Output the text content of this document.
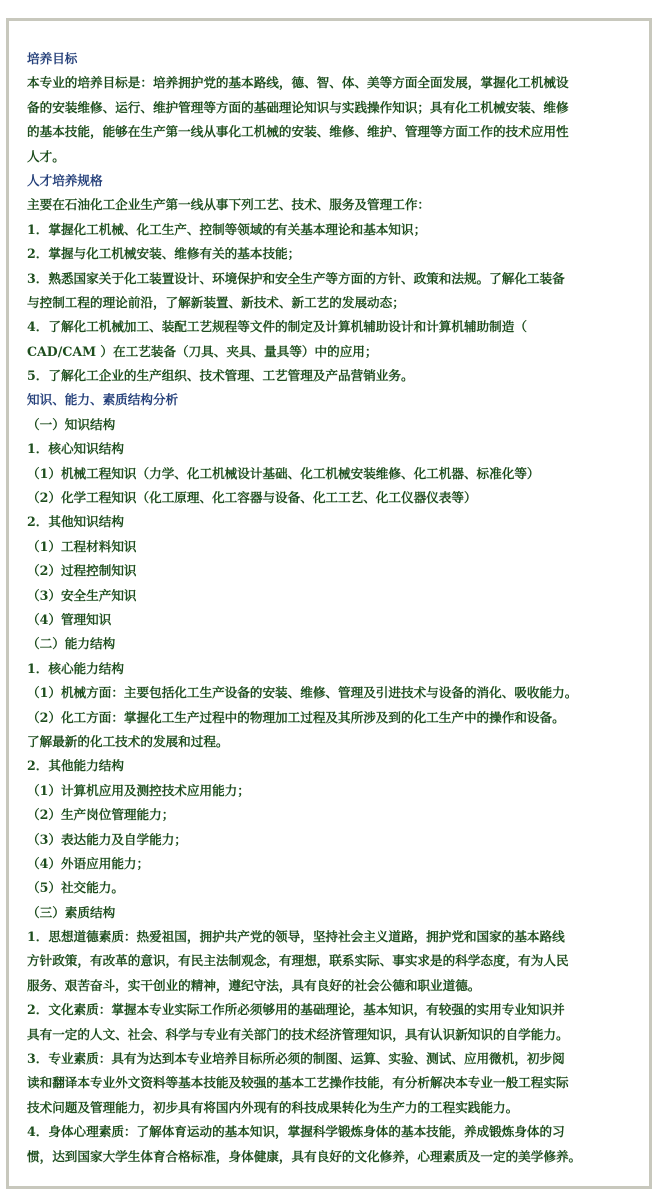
培养目标
本专业的培养目标是：培养拥护党的基本路线，德、智、体、美等方面全面发展，掌握化工机械设
备的安装维修、运行、维护管理等方面的基础理论知识与实践操作知识；具有化工机械安装、维修
的基本技能，能够在生产第一线从事化工机械的安装、维修、维护、管理等方面工作的技术应用性
人才。
人才培养规格
主要在石油化工企业生产第一线从事下列工艺、技术、服务及管理工作：
1．掌握化工机械、化工生产、控制等领域的有关基本理论和基本知识；
2．掌握与化工机械安装、维修有关的基本技能；
3．熟悉国家关于化工装置设计、环境保护和安全生产等方面的方针、政策和法规。了解化工装备
与控制工程的理论前沿，了解新装置、新技术、新工艺的发展动态；
4．了解化工机械加工、装配工艺规程等文件的制定及计算机辅助设计和计算机辅助制造（
CAD/CAM ）在工艺装备（刀具、夹具、量具等）中的应用；
5．了解化工企业的生产组织、技术管理、工艺管理及产品营销业务。
知识、能力、素质结构分析
（一）知识结构
1．核心知识结构
（1）机械工程知识（力学、化工机械设计基础、化工机械安装维修、化工机器、标准化等）
（2）化学工程知识（化工原理、化工容器与设备、化工工艺、化工仪器仪表等）
2．其他知识结构
（1）工程材料知识
（2）过程控制知识
（3）安全生产知识
（4）管理知识
（二）能力结构
1．核心能力结构
（1）机械方面：主要包括化工生产设备的安装、维修、管理及引进技术与设备的消化、吸收能力。
（2）化工方面：掌握化工生产过程中的物理加工过程及其所涉及到的化工生产中的操作和设备。
了解最新的化工技术的发展和过程。
2．其他能力结构
（1）计算机应用及测控技术应用能力；
（2）生产岗位管理能力；
（3）表达能力及自学能力；
（4）外语应用能力；
（5）社交能力。
（三）素质结构
1．思想道德素质：热爱祖国，拥护共产党的领导，坚持社会主义道路，拥护党和国家的基本路线
方针政策，有改革的意识，有民主法制观念，有理想，联系实际、事实求是的科学态度，有为人民
服务、艰苦奋斗，实干创业的精神，遵纪守法，具有良好的社会公德和职业道德。
2．文化素质：掌握本专业实际工作所必须够用的基础理论，基本知识，有较强的实用专业知识并
具有一定的人文、社会、科学与专业有关部门的技术经济管理知识，具有认识新知识的自学能力。
3．专业素质：具有为达到本专业培养目标所必须的制图、运算、实验、测试、应用微机，初步阅
读和翻译本专业外文资料等基本技能及较强的基本工艺操作技能，有分析解决本专业一般工程实际
技术问题及管理能力，初步具有将国内外现有的科技成果转化为生产力的工程实践能力。
4．身体心理素质：了解体育运动的基本知识，掌握科学锻炼身体的基本技能，养成锻炼身体的习
惯，达到国家大学生体育合格标准，身体健康，具有良好的文化修养，心理素质及一定的美学修养。
